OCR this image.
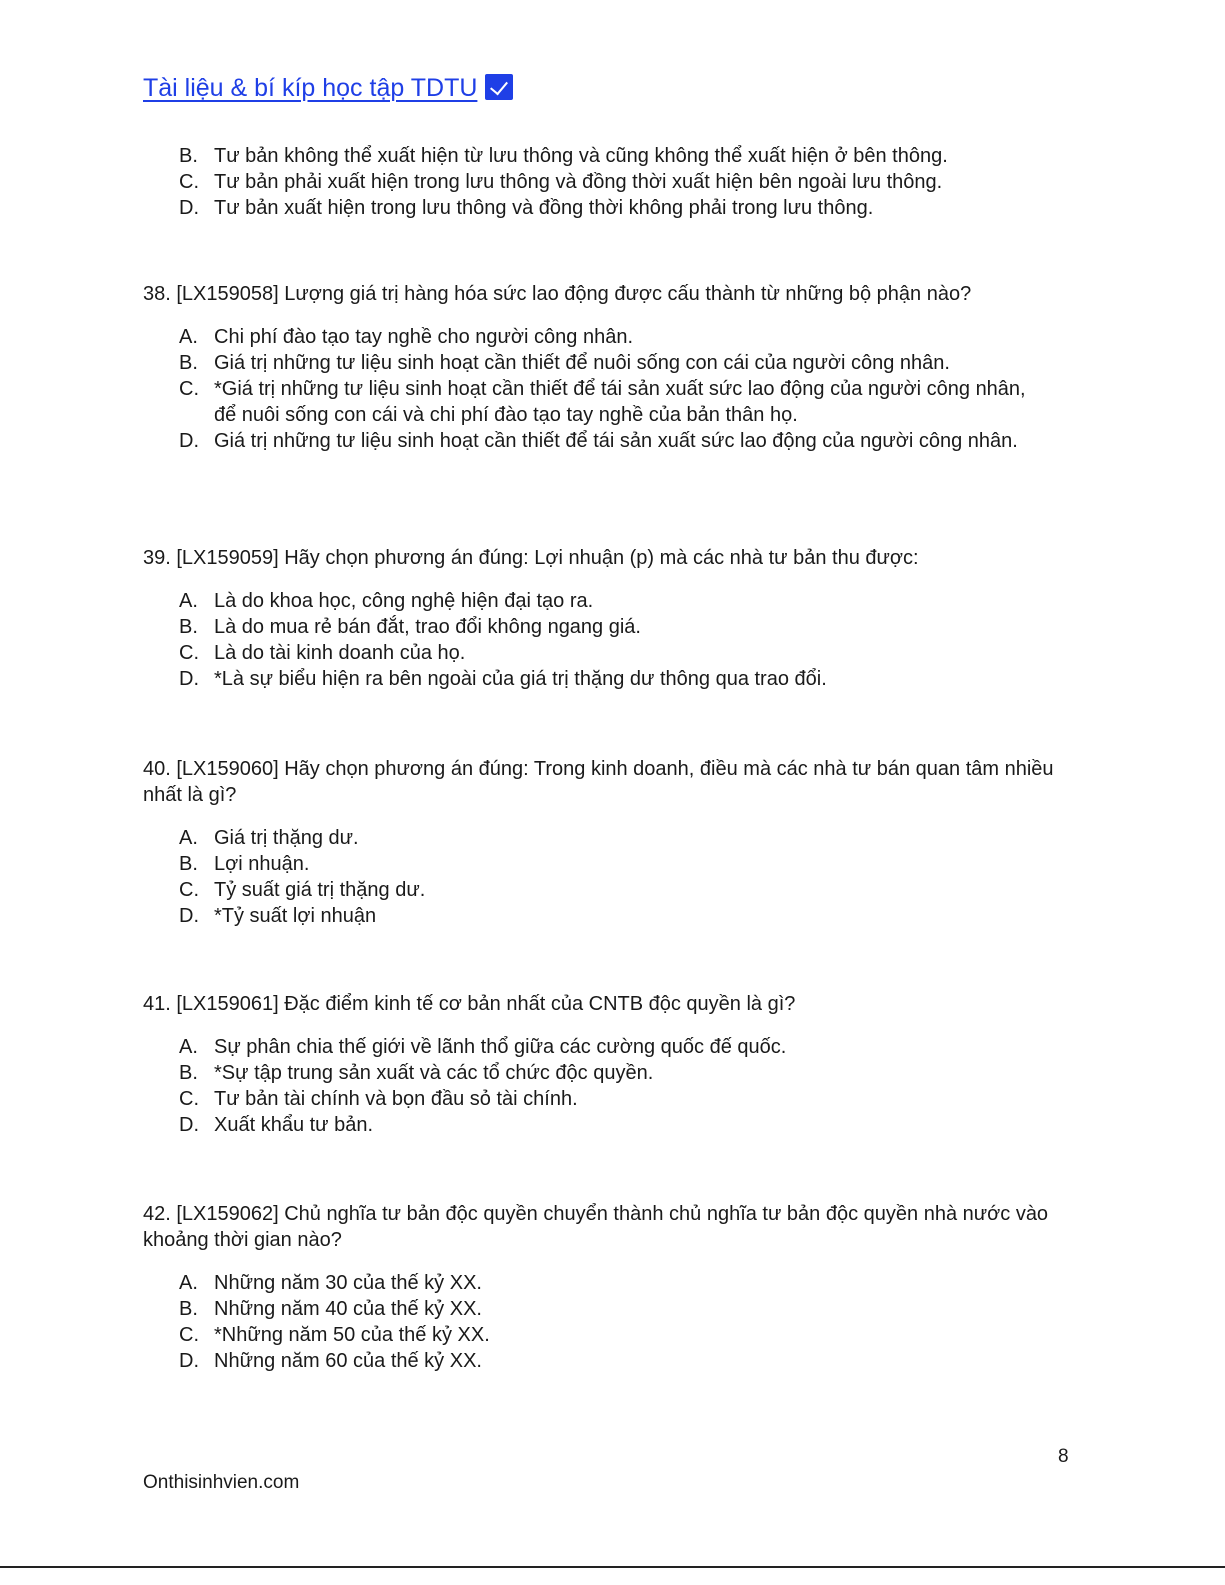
Tài liệu & bí kíp học tập TDTU
B. Tư bản không thể xuất hiện từ lưu thông và cũng không thể xuất hiện ở bên thông.
C. Tư bản phải xuất hiện trong lưu thông và đồng thời xuất hiện bên ngoài lưu thông.
D. Tư bản xuất hiện trong lưu thông và đồng thời không phải trong lưu thông.
38. [LX159058] Lượng giá trị hàng hóa sức lao động được cấu thành từ những bộ phận nào?
A. Chi phí đào tạo tay nghề cho người công nhân.
B. Giá trị những tư liệu sinh hoạt cần thiết để nuôi sống con cái của người công nhân.
C. *Giá trị những tư liệu sinh hoạt cần thiết để tái sản xuất sức lao động của người công nhân, để nuôi sống con cái và chi phí đào tạo tay nghề của bản thân họ.
D. Giá trị những tư liệu sinh hoạt cần thiết để tái sản xuất sức lao động của người công nhân.
39. [LX159059] Hãy chọn phương án đúng: Lợi nhuận (p) mà các nhà tư bản thu được:
A. Là do khoa học, công nghệ hiện đại tạo ra.
B. Là do mua rẻ bán đắt, trao đổi không ngang giá.
C. Là do tài kinh doanh của họ.
D. *Là sự biểu hiện ra bên ngoài của giá trị thặng dư thông qua trao đổi.
40. [LX159060] Hãy chọn phương án đúng: Trong kinh doanh, điều mà các nhà tư bán quan tâm nhiều nhất là gì?
A. Giá trị thặng dư.
B. Lợi nhuận.
C. Tỷ suất giá trị thặng dư.
D. *Tỷ suất lợi nhuận
41. [LX159061] Đặc điểm kinh tế cơ bản nhất của CNTB độc quyền là gì?
A. Sự phân chia thế giới về lãnh thổ giữa các cường quốc đế quốc.
B. *Sự tập trung sản xuất và các tổ chức độc quyền.
C. Tư bản tài chính và bọn đầu sỏ tài chính.
D. Xuất khẩu tư bản.
42. [LX159062] Chủ nghĩa tư bản độc quyền chuyển thành chủ nghĩa tư bản độc quyền nhà nước vào khoảng thời gian nào?
A. Những năm 30 của thế kỷ XX.
B. Những năm 40 của thế kỷ XX.
C. *Những năm 50 của thế kỷ XX.
D. Những năm 60 của thế kỷ XX.
8
Onthisinhvien.com
